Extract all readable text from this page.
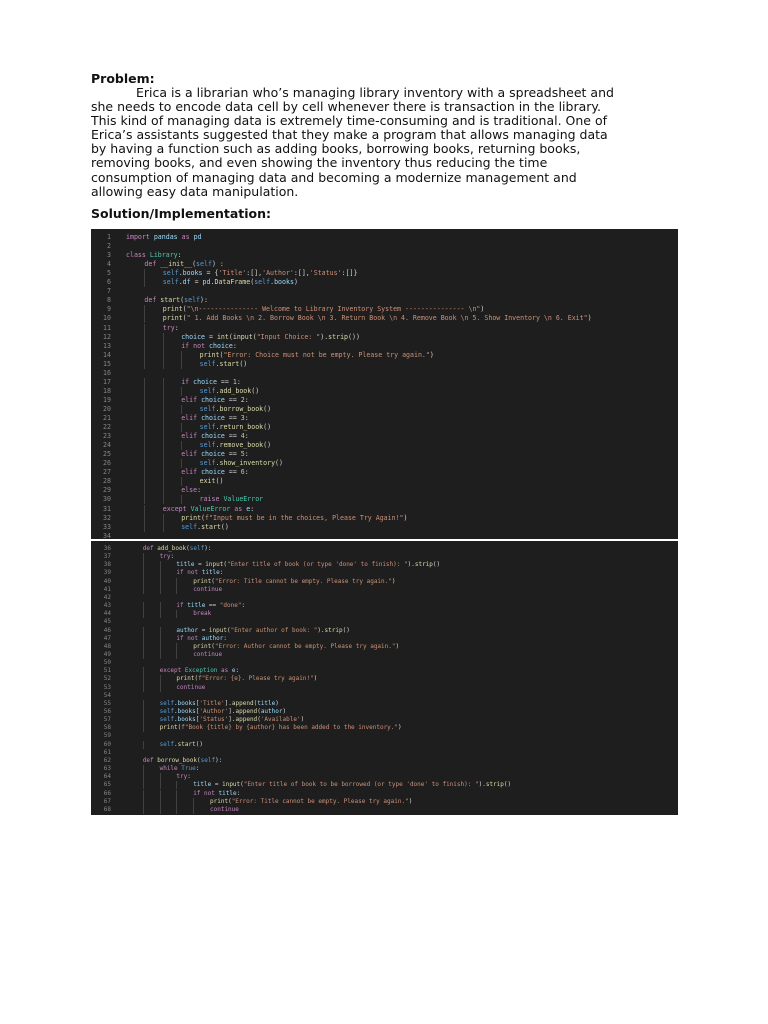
Problem:
Erica is a librarian who’s managing library inventory with a spreadsheet and
she needs to encode data cell by cell whenever there is transaction in the library.
This kind of managing data is extremely time-consuming and is traditional. One of
Erica’s assistants suggested that they make a program that allows managing data
by having a function such as adding books, borrowing books, returning books,
removing books, and even showing the inventory thus reducing the time
consumption of managing data and becoming a modernize management and
allowing easy data manipulation.
Solution/Implementation:
1 import pandas as pd
2
3 class Library:
4	def __init__(self) :
5	self.books = {'Title':[],'Author':[],'Status':[]}
6	self.df = pd.DataFrame(self.books)
7
8	def start(self):
9	print("\n--------------- Welcome to Library Inventory System --------------- \n")
10	print(" 1. Add Books \n 2. Borrow Book \n 3. Return Book \n 4. Remove Book \n 5. Show Inventory \n 6. Exit")
11	try:
12	choice = int(input("Input Choice: ").strip())
13	if not choice:
14	print("Error: Choice must not be empty. Please try again.")
15	self.start()
16
17	if choice == 1:
18	self.add_book()
19	elif choice == 2:
20	self.borrow_book()
21	elif choice == 3:
22	self.return_book()
23	elif choice == 4:
24	self.remove_book()
25	elif choice == 5:
26	self.show_inventory()
27	elif choice == 6:
28	exit()
29	else:
30	raise ValueError
31	except ValueError as e:
32	print(f"Input must be in the choices, Please Try Again!")
33	self.start()
34
36	def add_book(self):
37	try:
38	title = input("Enter title of book (or type 'done' to finish): ").strip()
39	if not title:
40	print("Error: Title cannot be empty. Please try again.")
41	continue
42
43	if title == "done":
44	break
45
46	author = input("Enter author of book: ").strip()
47	if not author:
48	print("Error: Author cannot be empty. Please try again.")
49	continue
50
51	except Exception as e:
52	print(f"Error: {e}. Please try again!")
53	continue
54
55	self.books['Title'].append(title)
56	self.books['Author'].append(author)
57	self.books['Status'].append('Available')
58	print(f"Book {title} by {author} has been added to the inventory.")
59
60	self.start()
61
62	def borrow_book(self):
63	while True:
64	try:
65	title = input("Enter title of book to be borrowed (or type 'done' to finish): ").strip()
66	if not title:
67	print("Error: Title cannot be empty. Please try again.")
68	continue
